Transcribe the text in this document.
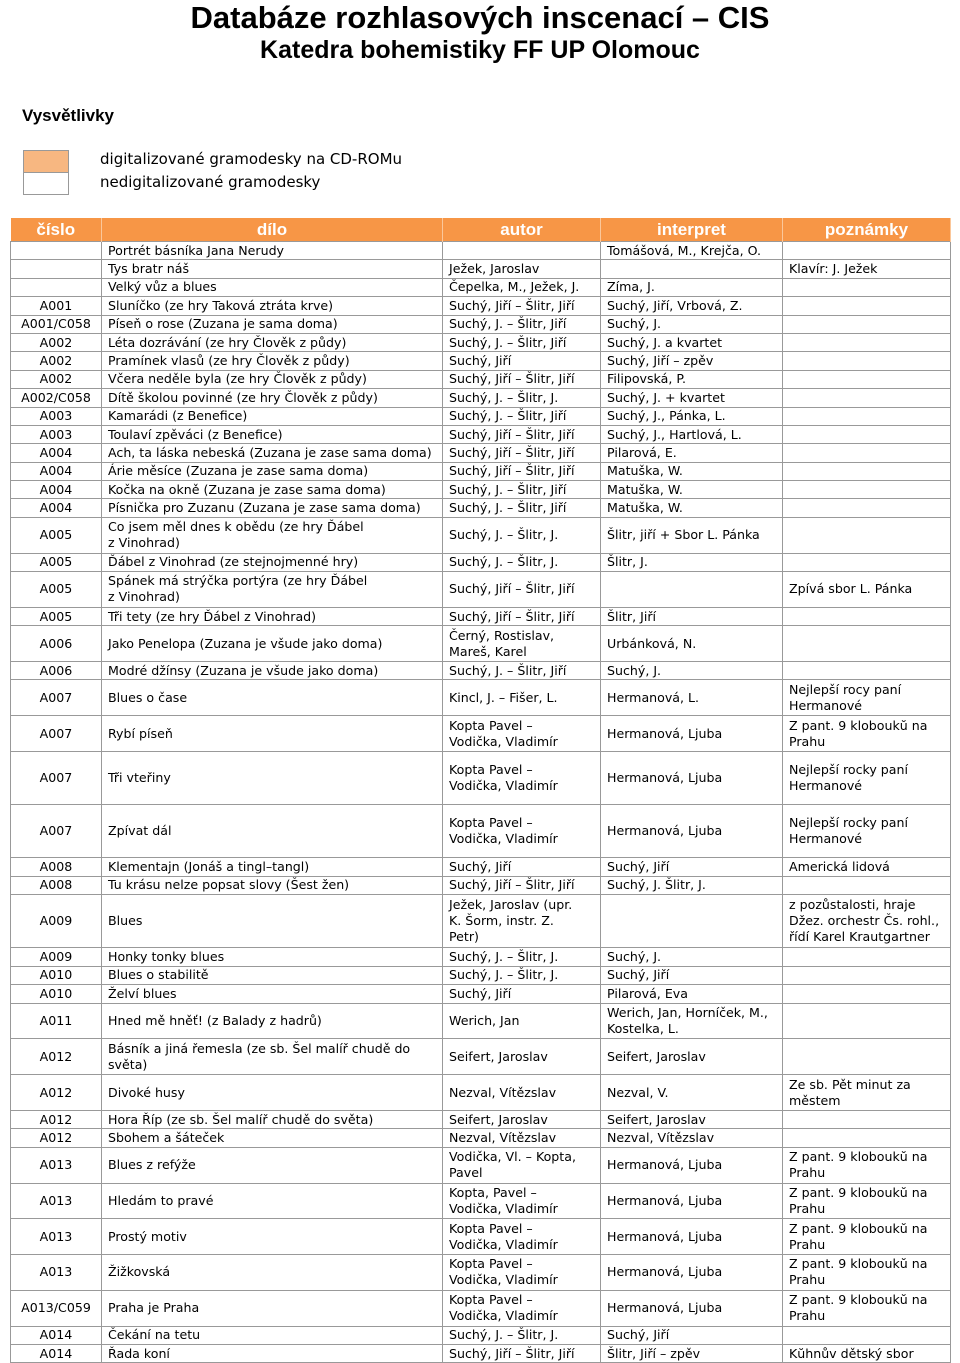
Databáze rozhlasových inscenací – CIS
Katedra bohemistiky FF UP Olomouc
Vysvětlivky
digitalizované gramodesky na CD-ROMu
nedigitalizované gramodesky
číslo	dílo	autor	interpret	poznámky
	Portrét básníka Jana Nerudy		Tomášová, M., Krejča, O.	
	Tys bratr náš	Ježek, Jaroslav		Klavír: J. Ježek
	Velký vůz a blues	Čepelka, M., Ježek, J.	Zíma, J.	
A001	Sluníčko (ze hry Taková ztráta krve)	Suchý, Jiří – Šlitr, Jiří	Suchý, Jiří, Vrbová, Z.	
A001/C058	Píseň o rose (Zuzana je sama doma)	Suchý, J. – Šlitr, Jiří	Suchý, J.	
A002	Léta dozrávání (ze hry Člověk z půdy)	Suchý, J. – Šlitr, Jiří	Suchý, J. a kvartet	
A002	Pramínek vlasů (ze hry Člověk z půdy)	Suchý, Jiří	Suchý, Jiří – zpěv	
A002	Včera neděle byla (ze hry Člověk z půdy)	Suchý, Jiří – Šlitr, Jiří	Filipovská, P.	
A002/C058	Dítě školou povinné (ze hry Člověk z půdy)	Suchý, J. – Šlitr, J.	Suchý, J. + kvartet	
A003	Kamarádi (z Benefice)	Suchý, J. – Šlitr, Jiří	Suchý, J., Pánka, L.	
A003	Toulaví zpěváci (z Benefice)	Suchý, Jiří – Šlitr, Jiří	Suchý, J., Hartlová, L.	
A004	Ach, ta láska nebeská (Zuzana je zase sama doma)	Suchý, Jiří – Šlitr, Jiří	Pilarová, E.	
A004	Árie měsíce (Zuzana je zase sama doma)	Suchý, Jiří – Šlitr, Jiří	Matuška, W.	
A004	Kočka na okně (Zuzana je zase sama doma)	Suchý, J. – Šlitr, Jiří	Matuška, W.	
A004	Písnička pro Zuzanu (Zuzana je zase sama doma)	Suchý, J. – Šlitr, Jiří	Matuška, W.	
A005	Co jsem měl dnes k obědu (ze hry Ďábel
z Vinohrad)	Suchý, J. – Šlitr, J.	Šlitr, jiří + Sbor L. Pánka	
A005	Ďábel z Vinohrad (ze stejnojmenné hry)	Suchý, J. – Šlitr, J.	Šlitr, J.	
A005	Spánek má strýčka portýra (ze hry Ďábel
z Vinohrad)	Suchý, Jiří – Šlitr, Jiří		Zpívá sbor L. Pánka
A005	Tři tety (ze hry Ďábel z Vinohrad)	Suchý, Jiří – Šlitr, Jiří	Šlitr, Jiří	
A006	Jako Penelopa (Zuzana je všude jako doma)	Černý, Rostislav,
Mareš, Karel	Urbánková, N.	
A006	Modré džínsy (Zuzana je všude jako doma)	Suchý, J. – Šlitr, Jiří	Suchý, J.	
A007	Blues o čase	Kincl, J. – Fišer, L.	Hermanová, L.	Nejlepší rocy paní
Hermanové
A007	Rybí píseň	Kopta Pavel –
Vodička, Vladimír	Hermanová, Ljuba	Z pant. 9 kloboukŭ na
Prahu
A007	Tři vteřiny	Kopta Pavel –
Vodička, Vladimír	Hermanová, Ljuba	Nejlepší rocky paní
Hermanové
A007	Zpívat dál	Kopta Pavel –
Vodička, Vladimír	Hermanová, Ljuba	Nejlepší rocky paní
Hermanové
A008	Klementajn (Jonáš a tingl–tangl)	Suchý, Jiří	Suchý, Jiří	Americká lidová
A008	Tu krásu nelze popsat slovy (Šest žen)	Suchý, Jiří – Šlitr, Jiří	Suchý, J. Šlitr, J.	
A009	Blues	Ježek, Jaroslav (upr.
K. Šorm, instr. Z.
Petr)		z pozůstalosti, hraje
Džez. orchestr Čs. rohl.,
řídí Karel Krautgartner
A009	Honky tonky blues	Suchý, J. – Šlitr, J.	Suchý, J.	
A010	Blues o stabilitě	Suchý, J. – Šlitr, J.	Suchý, Jiří	
A010	Želví blues	Suchý, Jiří	Pilarová, Eva	
A011	Hned mě hněť! (z Balady z hadrů)	Werich, Jan	Werich, Jan, Horníček, M.,
Kostelka, L.	
A012	Básník a jiná řemesla (ze sb. Šel malíř chudě do
světa)	Seifert, Jaroslav	Seifert, Jaroslav	
A012	Divoké husy	Nezval, Vítězslav	Nezval, V.	Ze sb. Pět minut za
městem
A012	Hora Říp (ze sb. Šel malíř chudě do světa)	Seifert, Jaroslav	Seifert, Jaroslav	
A012	Sbohem a šáteček	Nezval, Vítězslav	Nezval, Vítězslav	
A013	Blues z refýže	Vodička, Vl. – Kopta,
Pavel	Hermanová, Ljuba	Z pant. 9 kloboukŭ na
Prahu
A013	Hledám to pravé	Kopta, Pavel –
Vodička, Vladimír	Hermanová, Ljuba	Z pant. 9 kloboukŭ na
Prahu
A013	Prostý motiv	Kopta Pavel –
Vodička, Vladimír	Hermanová, Ljuba	Z pant. 9 kloboukŭ na
Prahu
A013	Žižkovská	Kopta Pavel –
Vodička, Vladimír	Hermanová, Ljuba	Z pant. 9 kloboukŭ na
Prahu
A013/C059	Praha je Praha	Kopta Pavel –
Vodička, Vladimír	Hermanová, Ljuba	Z pant. 9 kloboukŭ na
Prahu
A014	Čekání na tetu	Suchý, J. – Šlitr, J.	Suchý, Jiří	
A014	Řada koní	Suchý, Jiří – Šlitr, Jiří	Šlitr, Jiří – zpěv	Kŭhnův dětský sbor
